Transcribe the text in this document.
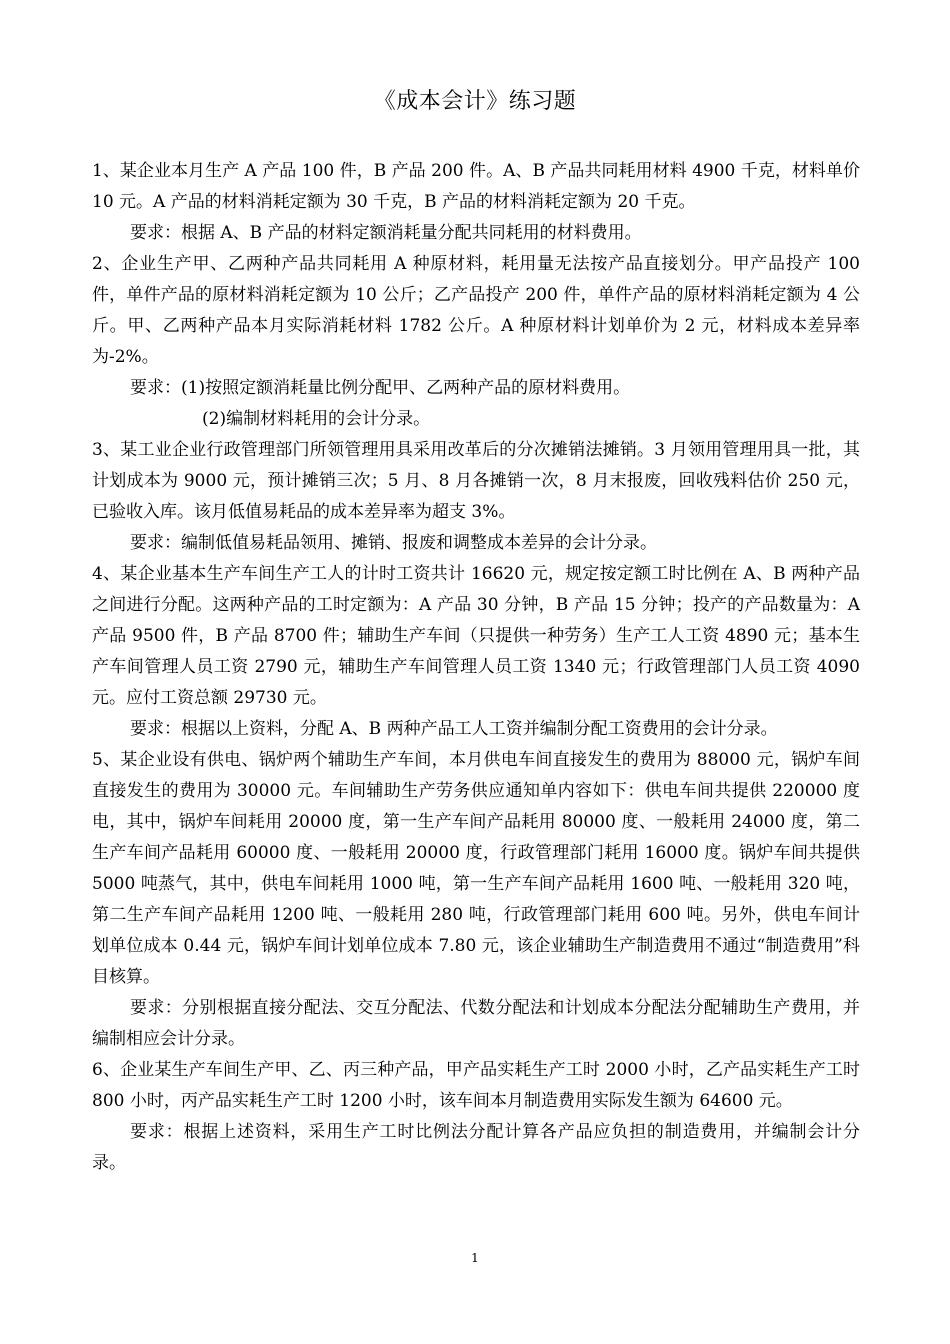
《成本会计》练习题

1、某企业本月生产 A 产品 100 件，B 产品 200 件。A、B 产品共同耗用材料 4900 千克，材料单价 10 元。A 产品的材料消耗定额为 30 千克，B 产品的材料消耗定额为 20 千克。

要求：根据 A、B 产品的材料定额消耗量分配共同耗用的材料费用。

2、企业生产甲、乙两种产品共同耗用 A 种原材料，耗用量无法按产品直接划分。甲产品投产 100 件，单件产品的原材料消耗定额为 10 公斤；乙产品投产 200 件，单件产品的原材料消耗定额为 4 公斤。甲、乙两种产品本月实际消耗材料 1782 公斤。A 种原材料计划单价为 2 元，材料成本差异率为-2%。

要求：(1)按照定额消耗量比例分配甲、乙两种产品的原材料费用。

(2)编制材料耗用的会计分录。

3、某工业企业行政管理部门所领管理用具采用改革后的分次摊销法摊销。3 月领用管理用具一批，其计划成本为 9000 元，预计摊销三次；5 月、8 月各摊销一次，8 月末报废，回收残料估价 250 元，已验收入库。该月低值易耗品的成本差异率为超支 3%。

要求：编制低值易耗品领用、摊销、报废和调整成本差异的会计分录。

4、某企业基本生产车间生产工人的计时工资共计 16620 元，规定按定额工时比例在 A、B 两种产品之间进行分配。这两种产品的工时定额为：A 产品 30 分钟，B 产品 15 分钟；投产的产品数量为：A 产品 9500 件，B 产品 8700 件；辅助生产车间（只提供一种劳务）生产工人工资 4890 元；基本生产车间管理人员工资 2790 元，辅助生产车间管理人员工资 1340 元；行政管理部门人员工资 4090 元。应付工资总额 29730 元。

要求：根据以上资料，分配 A、B 两种产品工人工资并编制分配工资费用的会计分录。

5、某企业设有供电、锅炉两个辅助生产车间，本月供电车间直接发生的费用为 88000 元，锅炉车间直接发生的费用为 30000 元。车间辅助生产劳务供应通知单内容如下：供电车间共提供 220000 度电，其中，锅炉车间耗用 20000 度，第一生产车间产品耗用 80000 度、一般耗用 24000 度，第二生产车间产品耗用 60000 度、一般耗用 20000 度，行政管理部门耗用 16000 度。锅炉车间共提供 5000 吨蒸气，其中，供电车间耗用 1000 吨，第一生产车间产品耗用 1600 吨、一般耗用 320 吨，第二生产车间产品耗用 1200 吨、一般耗用 280 吨，行政管理部门耗用 600 吨。另外，供电车间计划单位成本 0.44 元，锅炉车间计划单位成本 7.80 元，该企业辅助生产制造费用不通过“制造费用”科目核算。

要求：分别根据直接分配法、交互分配法、代数分配法和计划成本分配法分配辅助生产费用，并编制相应会计分录。

6、企业某生产车间生产甲、乙、丙三种产品，甲产品实耗生产工时 2000 小时，乙产品实耗生产工时 800 小时，丙产品实耗生产工时 1200 小时，该车间本月制造费用实际发生额为 64600 元。

要求：根据上述资料，采用生产工时比例法分配计算各产品应负担的制造费用，并编制会计分录。

1
